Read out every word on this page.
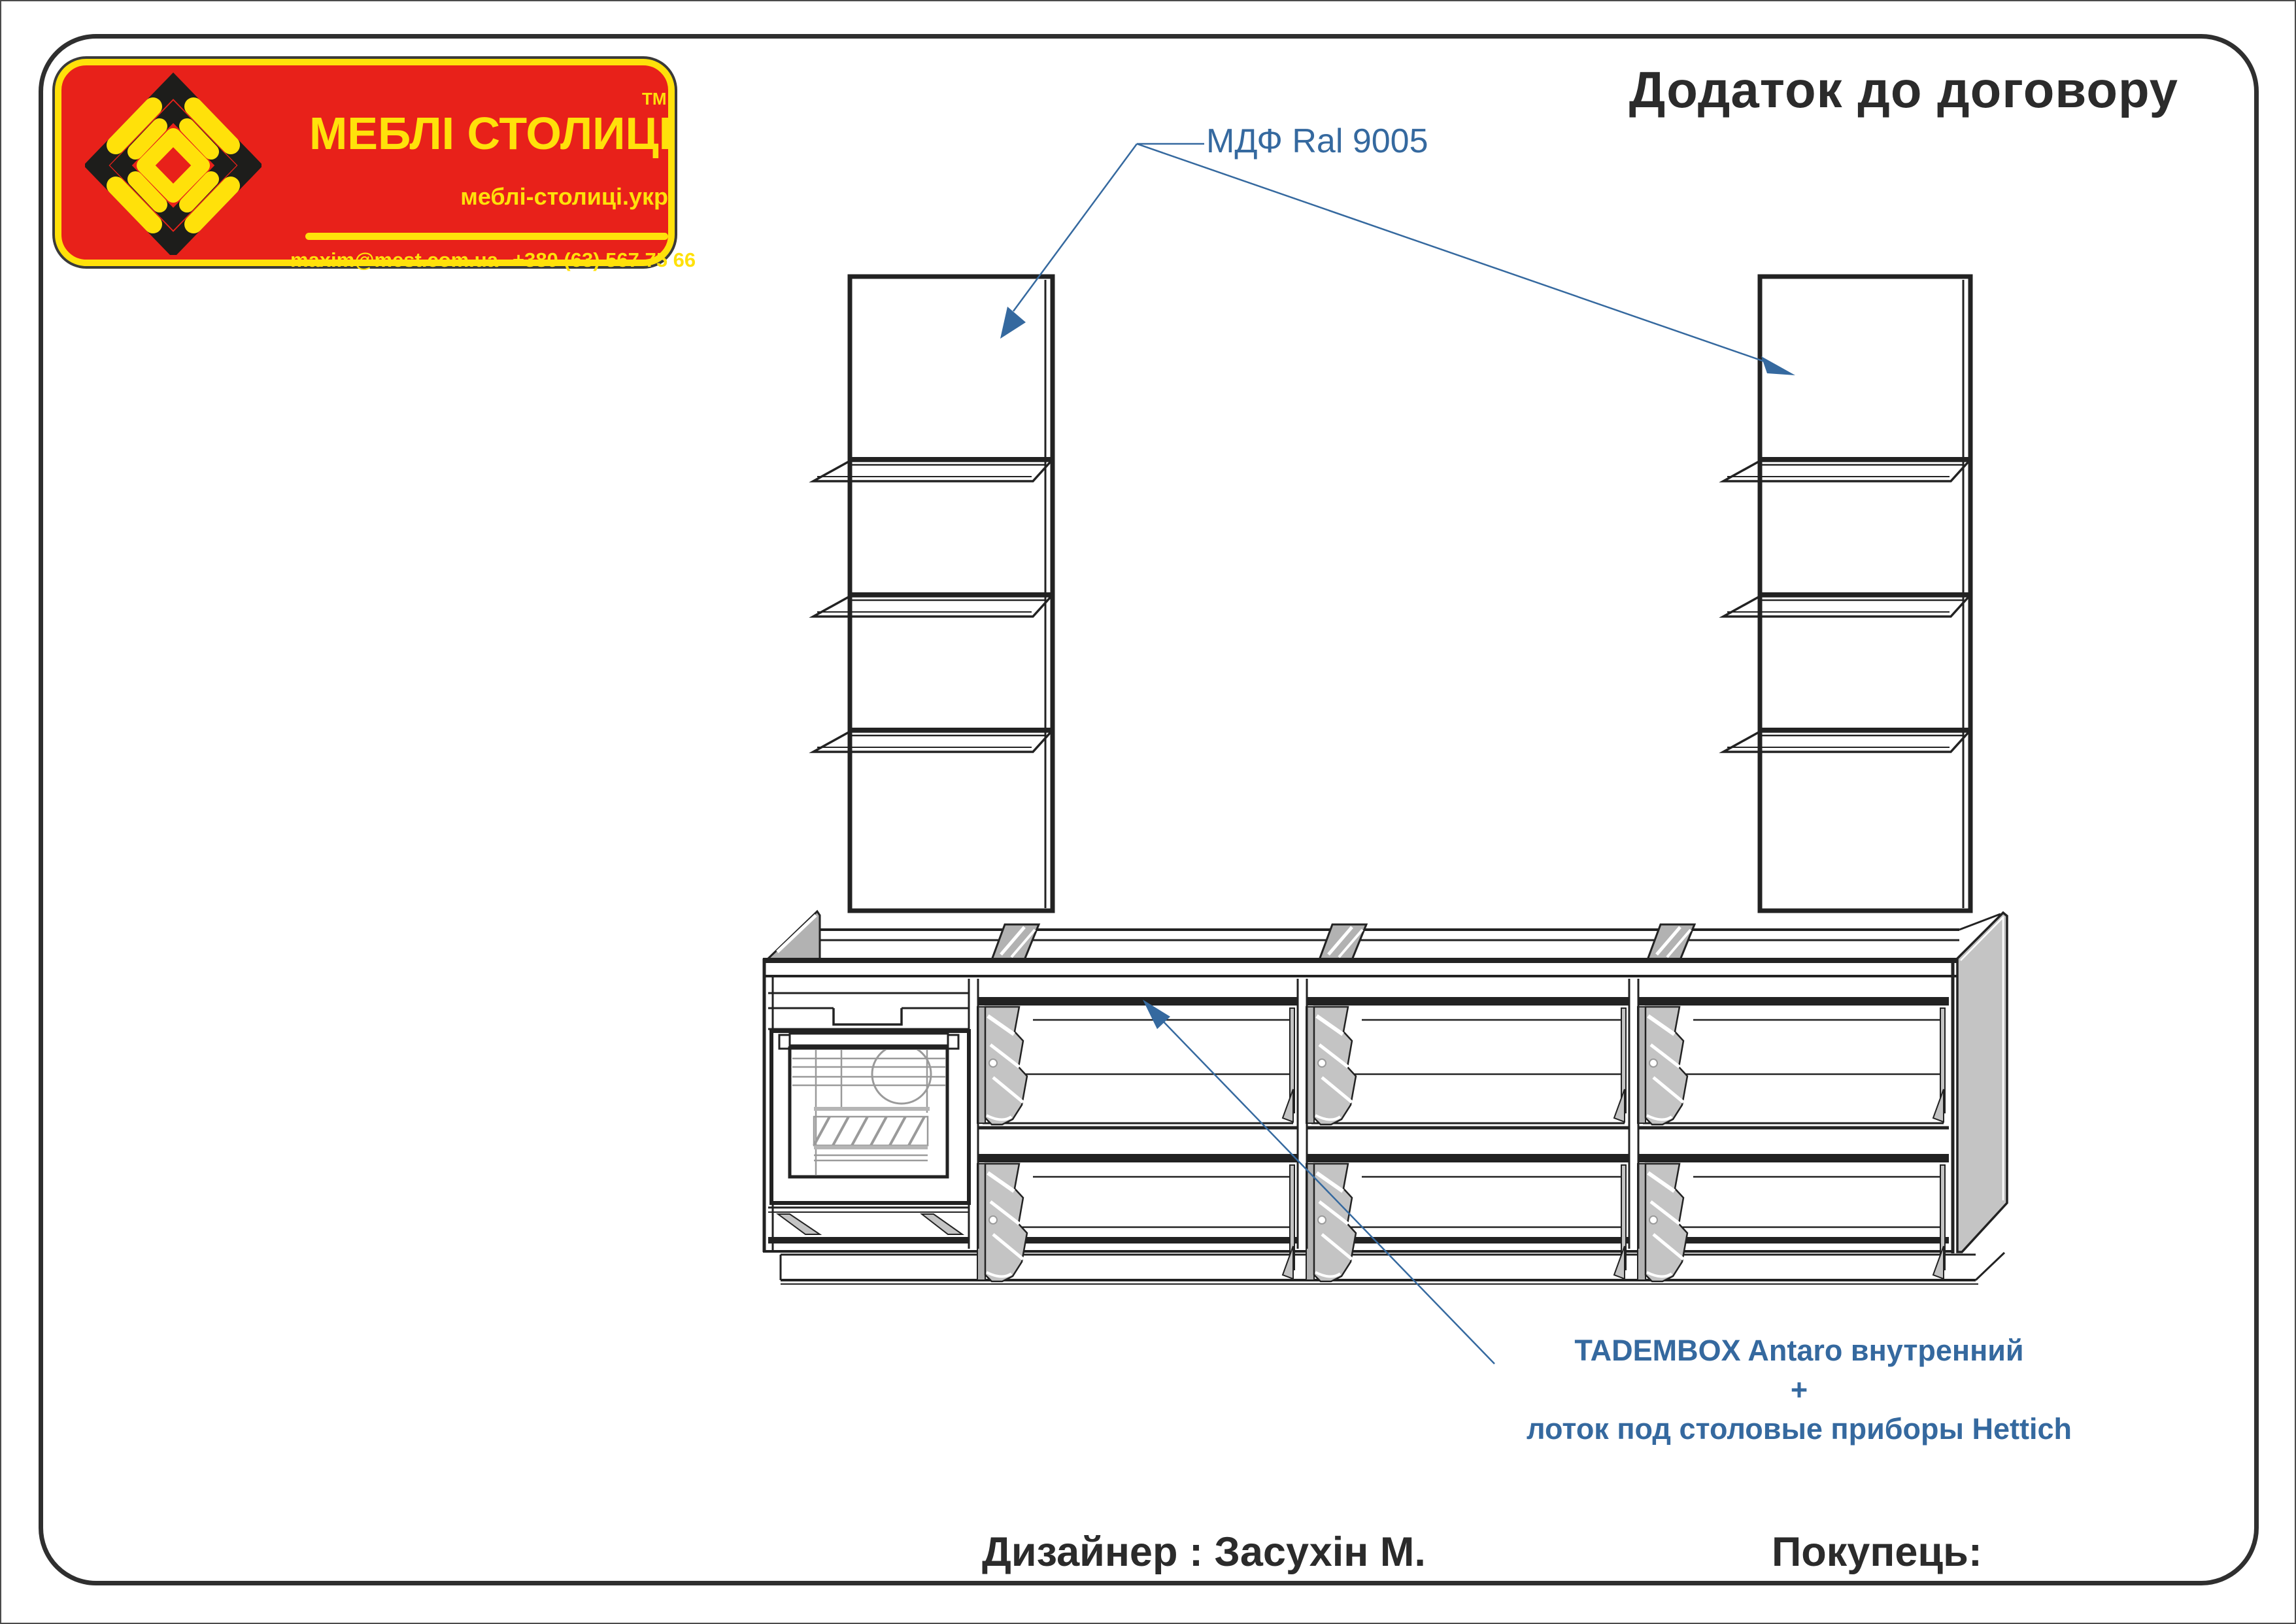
МЕБЛІ СТОЛИЦІ
ТМ
меблі-столиці.укр
maxim@mest.com.ua +380 (63) 567 75 66
Додаток до договору
МДФ Ral 9005
TADEMBOX Antaro внутренний
+
лоток под столовые приборы Hettich
Дизайнер : Засухін М.	Покупець:
